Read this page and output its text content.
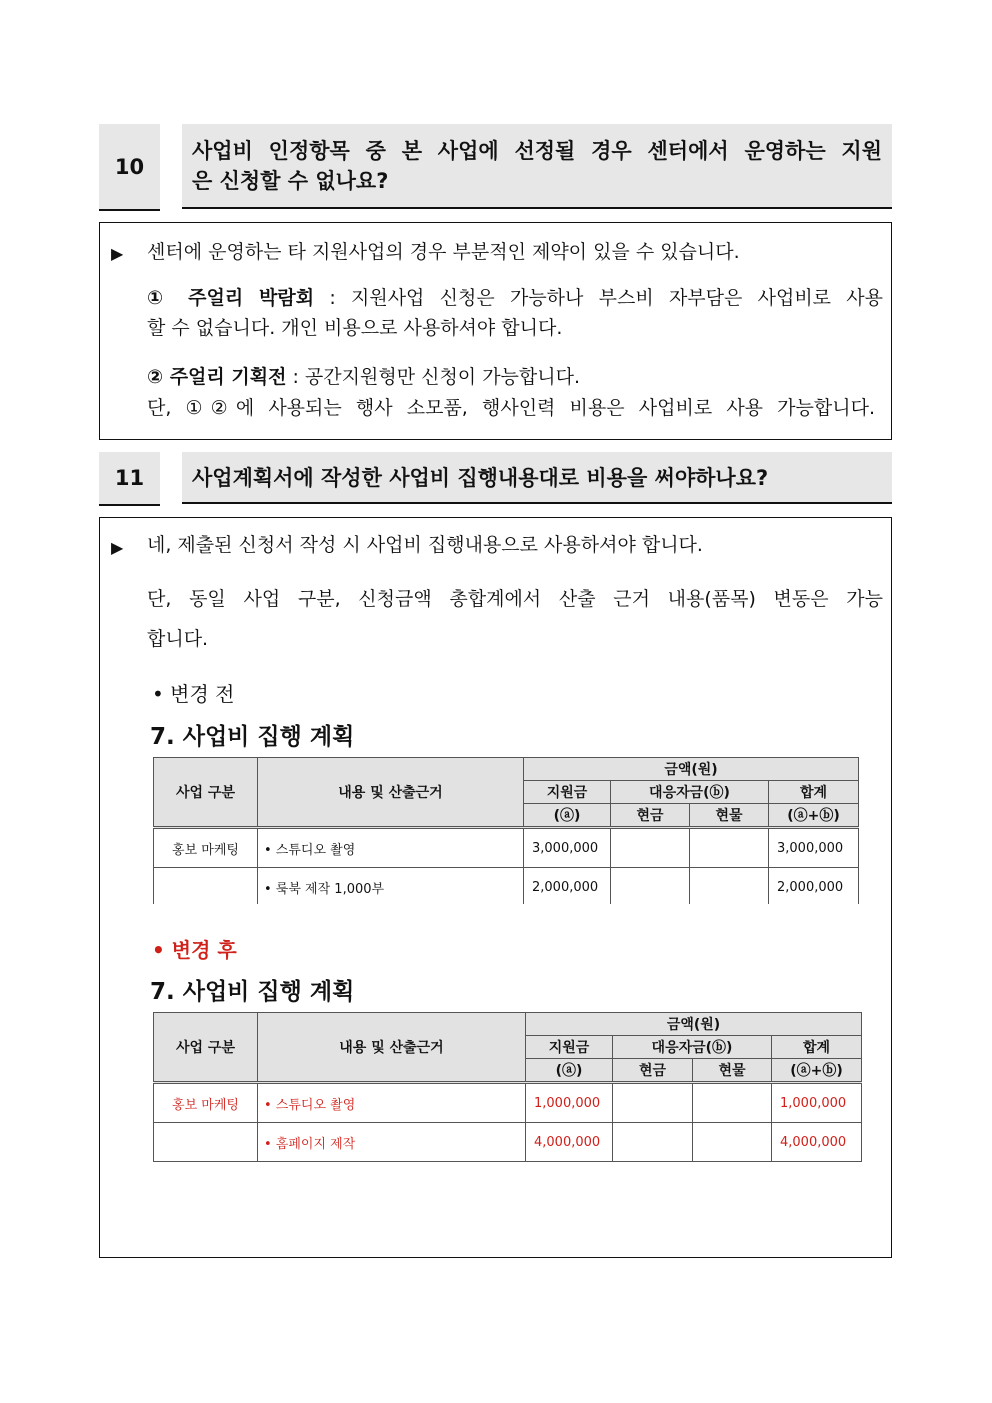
10
사업비 인정항목 중 본 사업에 선정될 경우 센터에서 운영하는 지원
은 신청할 수 없나요?
▶ 센터에 운영하는 타 지원사업의 경우 부분적인 제약이 있을 수 있습니다.
① 주얼리 박람회 : 지원사업 신청은 가능하나 부스비 자부담은 사업비로 사용
할 수 없습니다. 개인 비용으로 사용하셔야 합니다.
② 주얼리 기획전 : 공간지원형만 신청이 가능합니다.
단, ①②에 사용되는 행사 소모품, 행사인력 비용은 사업비로 사용 가능합니다.
11	사업계획서에 작성한 사업비 집행내용대로 비용을 써야하나요?
▶ 네, 제출된 신청서 작성 시 사업비 집행내용으로 사용하셔야 합니다.
단, 동일 사업 구분, 신청금액 총합계에서 산출 근거 내용(품목) 변동은 가능
합니다.
• 변경 전
7. 사업비 집행 계획
사업 구분	내용 및 산출근거	금액(원)			
		지원금	대응자금(ⓑ)		합계
		(ⓐ)	현금	현물	(ⓐ+ⓑ)
홍보 마케팅	• 스튜디오 촬영	3,000,000			3,000,000
	• 룩북 제작 1,000부	2,000,000			2,000,000
• 변경 후
7. 사업비 집행 계획
사업 구분	내용 및 산출근거	금액(원)			
		지원금	대응자금(ⓑ)		합계
		(ⓐ)	현금	현물	(ⓐ+ⓑ)
홍보 마케팅	• 스튜디오 촬영	1,000,000			1,000,000
	• 홈페이지 제작	4,000,000			4,000,000
